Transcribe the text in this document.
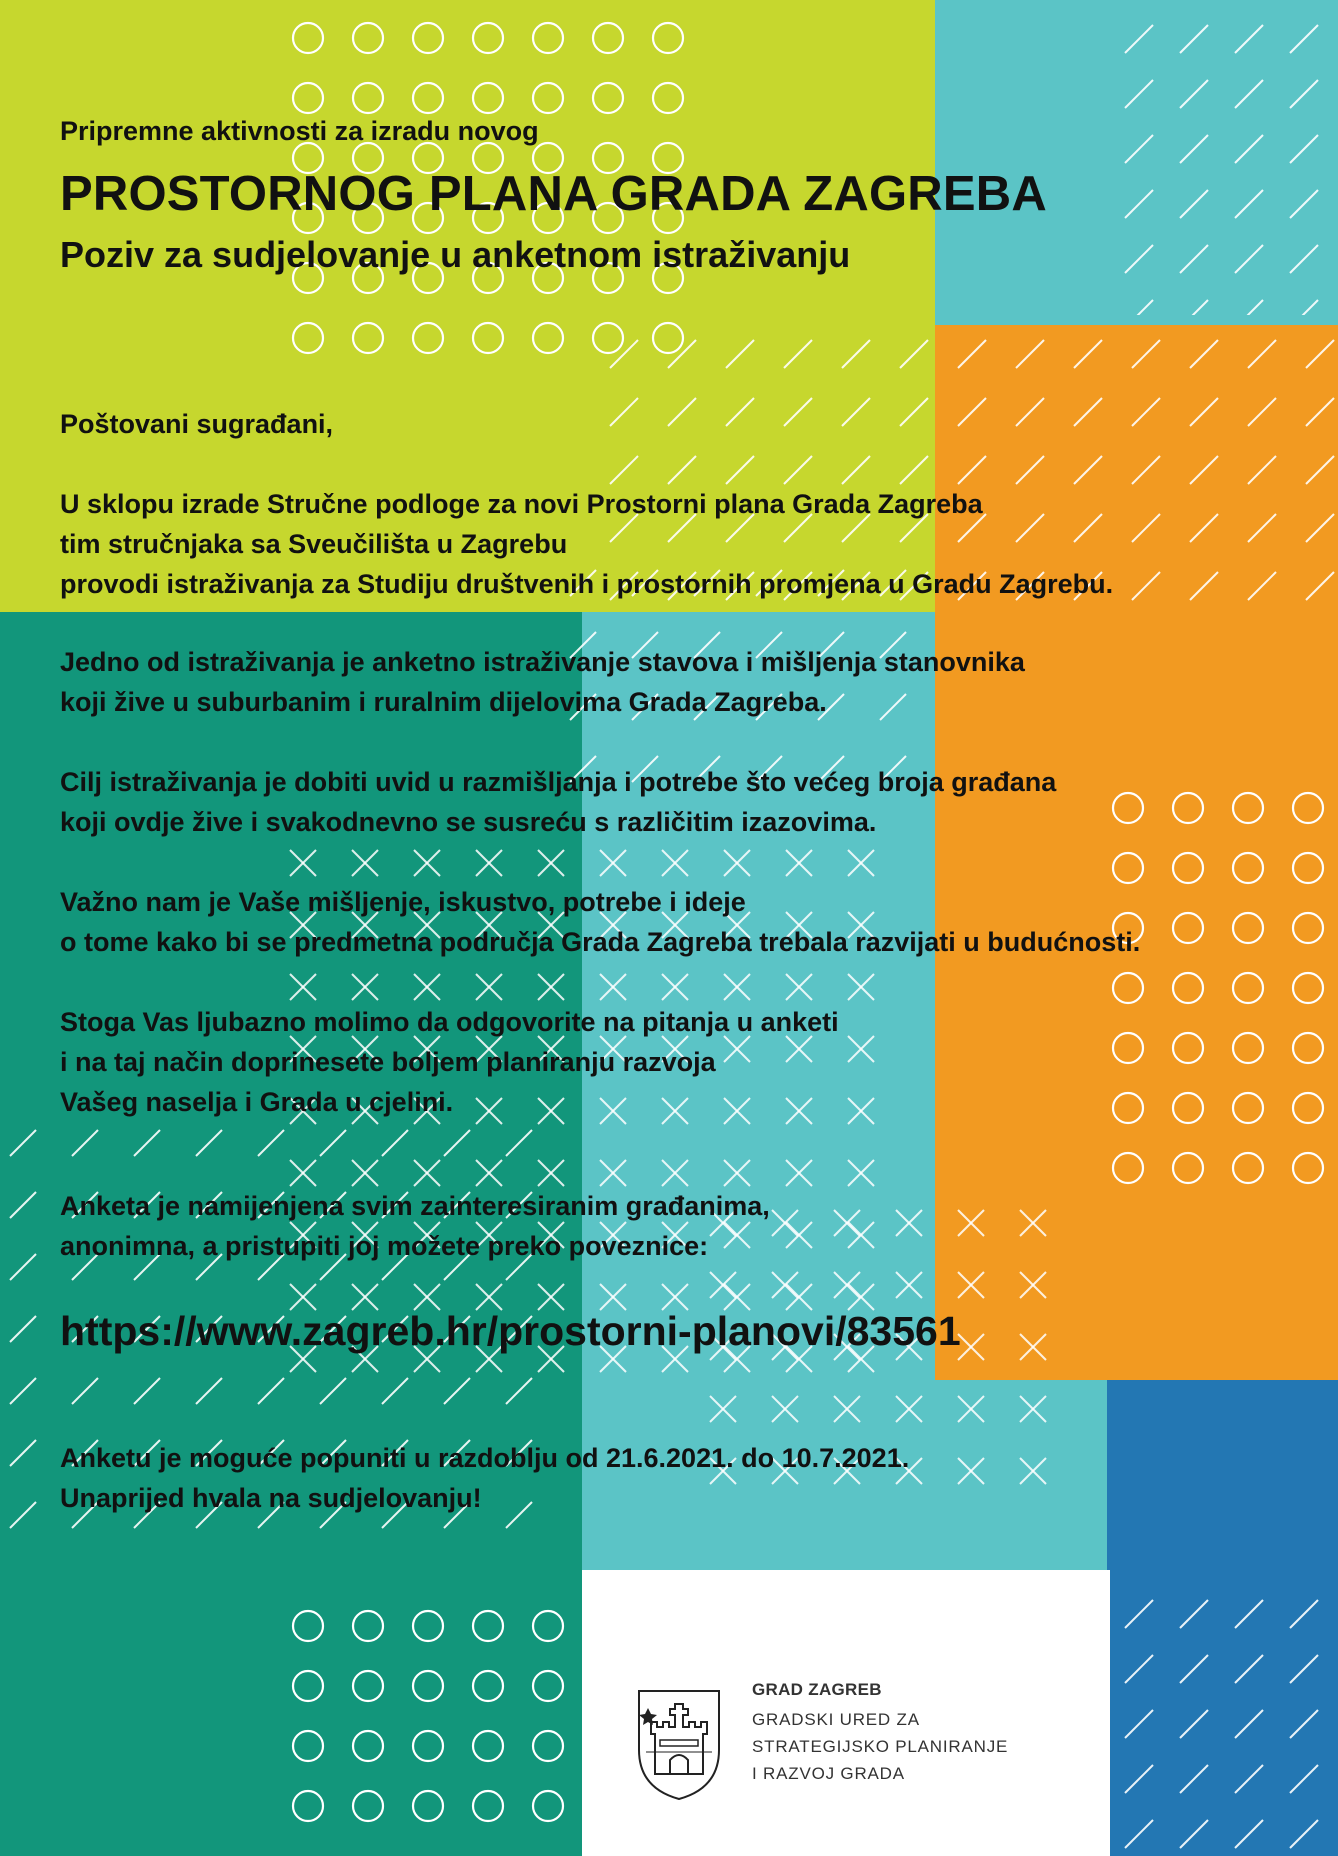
GRAD ZAGREB
GRADSKI URED ZA
STRATEGIJSKO PLANIRANJE
I RAZVOJ GRADA
Pripremne aktivnosti za izradu novog
PROSTORNOG PLANA GRADA ZAGREBA
Poziv za sudjelovanje u anketnom istraživanju
Poštovani sugrađani,
U sklopu izrade Stručne podloge za novi Prostorni plana Grada Zagreba
tim stručnjaka sa Sveučilišta u Zagrebu
provodi istraživanja za Studiju društvenih i prostornih promjena u Gradu Zagrebu.
Jedno od istraživanja je anketno istraživanje stavova i mišljenja stanovnika
koji žive u suburbanim i ruralnim dijelovima Grada Zagreba.
Cilj istraživanja je dobiti uvid u razmišljanja i potrebe što većeg broja građana
koji ovdje žive i svakodnevno se susreću s različitim izazovima.
Važno nam je Vaše mišljenje, iskustvo, potrebe i ideje
o tome kako bi se predmetna područja Grada Zagreba trebala razvijati u budućnosti.
Stoga Vas ljubazno molimo da odgovorite na pitanja u anketi
i na taj način doprinesete boljem planiranju razvoja
Vašeg naselja i Grada u cjelini.
Anketa je namijenjena svim zainteresiranim građanima,
anonimna, a pristupiti joj možete preko poveznice:
https://www.zagreb.hr/prostorni-planovi/83561
Anketu je moguće popuniti u razdoblju od 21.6.2021. do 10.7.2021.
Unaprijed hvala na sudjelovanju!
